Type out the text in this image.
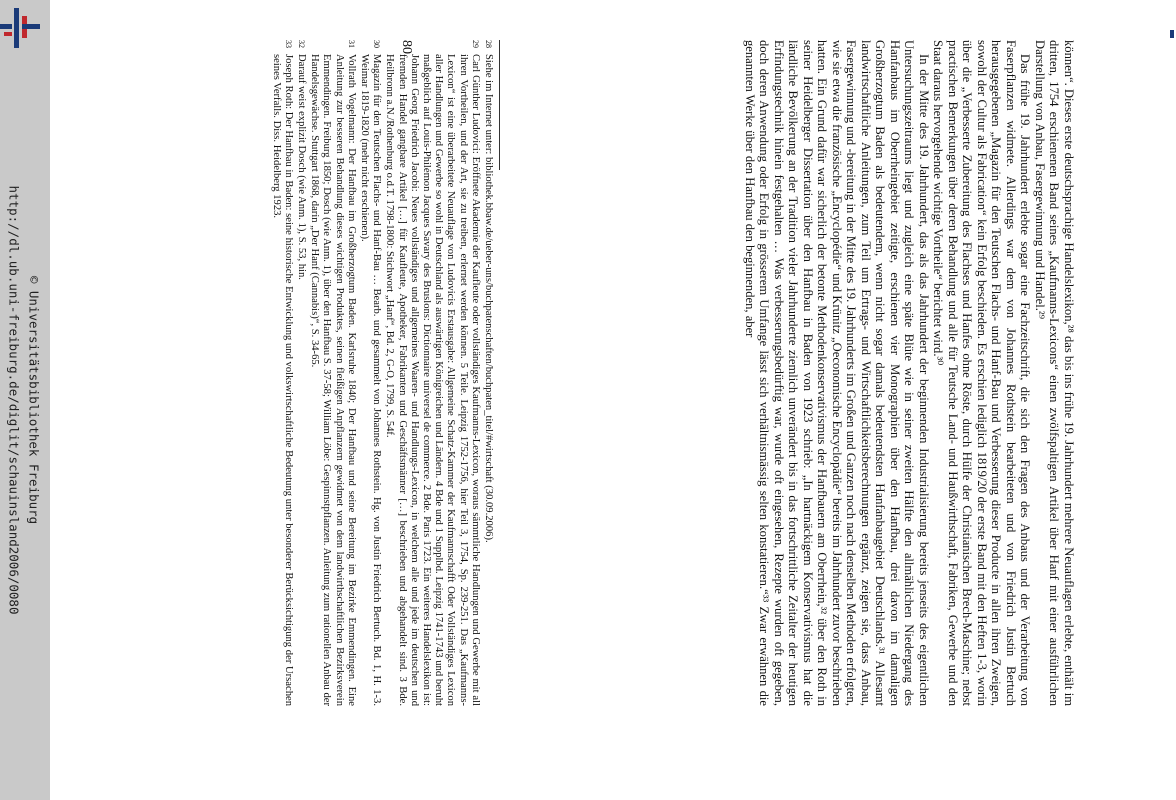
http://dl.ub.uni-freiburg.de/diglit/schauinsland2006/0080 © Universitätsbibliothek Freiburg	können“. Dieses erste deutschsprachige Handelslexikon,²⁸ das bis ins frühe 19. Jahrhundert mehrere Neuauflagen erlebte, enthält im dritten, 1754 erschienenen Band seines „Kaufmanns-Lexicons“ einen zwölfspaltigen Artikel über Hanf mit einer ausführlichen Darstellung von Anbau, Fasergewinnung und Handel.²⁹

Das frühe 19. Jahrhundert erlebte sogar eine Fachzeitschrift, die sich den Fragen des Anbaus und der Verarbeitung von Faserpflanzen widmete. Allerdings war dem von Johannes Rothstein bearbeiteten und von Friedrich Justin Bertuch herausgegebenen „Magazin für den Teutschen Flachs- und Hanf-Bau und Verbesserung dieser Producte in allen ihren Zweigen, sowohl der Cultur als Fabrication“ kein Erfolg beschieden. Es erschien lediglich 1819/20 der erste Band mit den Heften 1-3, worin über die „Verbesserte Zubereitung des Flachses und Hanfes ohne Röste, durch Hülfe der Christianischen Brech-Maschine; nebst practischen Bemerkungen über deren Behandlung und alle für Teutsche Land- und Haußwirthschaft, Fabriken, Gewerbe und den Staat daraus hervorgehende wichtige Vortheile“ berichtet wird.³⁰

In der Mitte des 19. Jahrhundert, das als das Jahrhundert der beginnenden Industrialisierung bereits jenseits des eigentlichen Untersuchungszeitraums liegt und zugleich eine späte Blüte wie in seiner zweiten Hälfte den allmählichen Niedergang des Hanfanbaus im Oberrheingebiet zeitigte, erschienen vier Monographien über den Hanfbau, drei davon im damaligen Großherzogtum Baden als bedeutendem, wenn nicht sogar damals bedeutendsten Hanfanbaugebiet Deutschlands.³¹ Allesamt landwirtschaftliche Anleitungen, zum Teil um Ertrags- und Wirtschaftlichkeitsberechnungen ergänzt, zeigen sie, dass Anbau, Fasergewinnung und -bereitung in der Mitte des 19. Jahrhunderts im Großen und Ganzen noch nach denselben Methoden erfolgten, wie sie etwa die französische „Encyclopédie“ und Krünitz „Oeconomische Encyclopädie“ bereits im Jahrhundert zuvor beschrieben hatten. Ein Grund dafür war sicherlich der betonte Methodenkonservativismus der Hanfbauern am Oberrhein,³² über den Roth in seiner Heidelberger Dissertation über den Hanfbau in Baden von 1923 schrieb: „In hartnäckigem Konservativismus hat die ländliche Bevölkerung an der Tradition vieler Jahrhunderte ziemlich unverändert bis in das fortschrittliche Zeitalter der heutigen Erfindungstechnik hinein festgehalten … Was verbesserungsbedürftig war, wurde oft eingesehen, Rezepte wurden oft gegeben, doch deren Anwendung oder Erfolg in grösserem Umfange lässt sich verhältnismässig selten konstatieren.“³³ Zwar erwähnen die genannten Werke über den Hanfbau den beginnenden, aber

28
Siehe im Internet unter: bibliothek.bbaw.de/ueber-uns/buchpatenschaften/buchpaten_titel/#wirtschaft (30.09.2006).
29
Carl Günther Ludovici: Eröffnete Akademie der Kaufleute oder vollständiges Kaufmanns-Lexicon, woraus sämmtliche Handlungen und Gewerbe mit all ihren Vortheilen, und der Art, sie zu treiben, erlernet werden können. 5 Teile. Leipzig 1752-1756, hier Teil 3, 1754, Sp. 239-251. Das „Kaufmanns-Lexicon“ ist eine überarbeitete Neuauflage von Ludovicis Erstausgabe: Allgemeine Schatz-Kammer der Kaufmannschafft Oder Vollständiges Lexicon aller Handlungen und Gewerbe so wohl in Deutschland als auswärtigen Königreichen und Ländern. 4 Bde und 1 Supplbd. Leipzig 1741-1743 und beruht maßgeblich auf Louis-Philémon Jacques Savary des Bruslons: Dictionnaire universel de commerce. 2 Bde. Paris 1723. Ein weiteres Handelslexikon ist: Johann Georg Friedrich Jacobi: Neues vollständiges und allgemeines Waaren- und Handlungs-Lexicon, in welchem alle und jede im deutschen und fremden Handel gangbare Artikel […] für Kaufleute, Apotheker, Fabrikanten und Geschäftsmänner […] beschrieben und abgehandelt sind. 3 Bde. Heilbronn a.N./Rothenburg o.d.T. 1798-1800: Stichwort „Hanf“, Bd. 2, G-O, 1799, S. 54f.
30
Magazin für den Teutschen Flachs- und Hanf-Bau … Bearb. und gesammelt von Johannes Rothstein. Hg. von Justin Friedrich Bertuch. Bd. 1, H. 1-3. Weimar 1819-1820 (mehr nicht erschienen).
31
Vollrath Vogelmann: Der Hanfbau im Großherzogtum Baden. Karlsruhe 1840; Der Hanfbau und seine Bereitung im Bezirke Emmendingen. Eine Anleitung zur besseren Behandlung dieses wichtigen Produktes, seinen fleißigen Anpflanzern gewidmet von dem landwirthschaftlichen Bezirksverein Emmendingen. Freiburg 1850; Dosch (wie Anm. 1), über den Hanfbau S. 37-58; William Löbe: Gespinnstpflanzen. Anleitung zum rationellen Anbau der Handelsgewächse. Stuttgart 1868, darin „Der Hanf (Cannabis)“, S. 34-65.
32
Darauf weist explizit Dosch (wie Anm. 1), S. 53, hin.
33
Joseph Roth: Der Hanfbau in Baden: seine historische Entwicklung und volkswirtschaftliche Bedeutung unter besonderer Berücksichtigung der Ursachen seines Verfalls. Diss. Heidelberg 1923.
80
